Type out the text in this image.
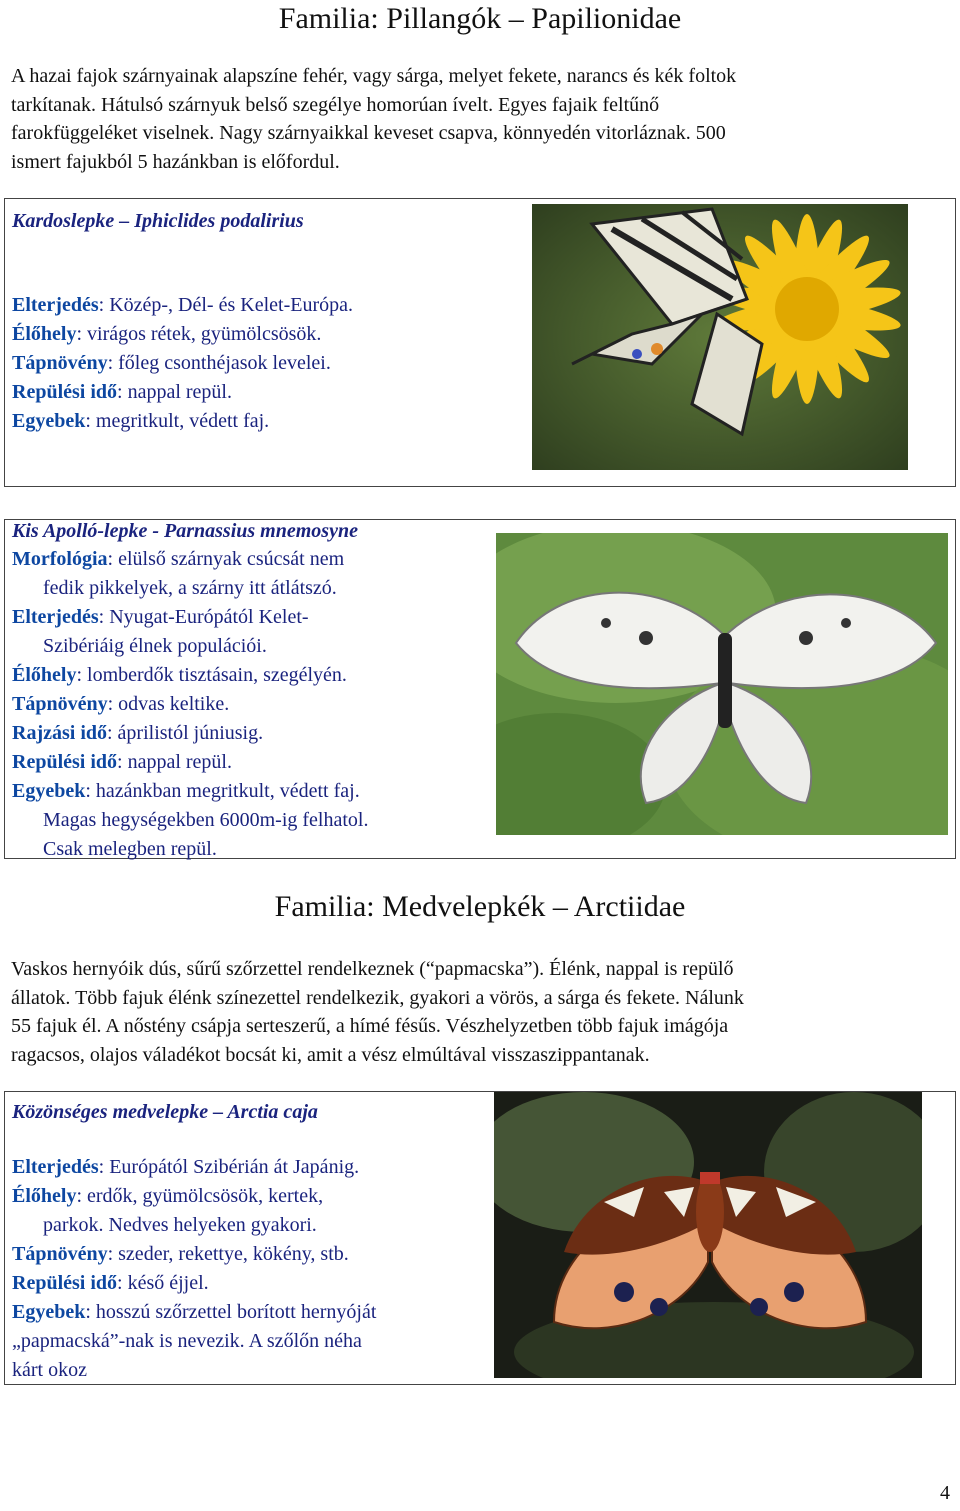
Familia: Pillangók – Papilionidae
A hazai fajok szárnyainak alapszíne fehér, vagy sárga, melyet fekete, narancs és kék foltok
tarkítanak. Hátulsó szárnyuk belső szegélye homorúan ívelt. Egyes fajaik feltűnő
farokfüggeléket viselnek. Nagy szárnyaikkal keveset csapva, könnyedén vitorláznak. 500
ismert fajukból 5 hazánkban is előfordul.
Kardoslepke – Iphiclides podalirius
Elterjedés: Közép-, Dél- és Kelet-Európa.
Élőhely: virágos rétek, gyümölcsösök.
Tápnövény: főleg csonthéjasok levelei.
Repülési idő: nappal repül.
Egyebek: megritkult, védett faj.
Kis Apolló-lepke - Parnassius mnemosyne
Morfológia: elülső szárnyak csúcsát nem
fedik pikkelyek, a szárny itt átlátszó.
Elterjedés: Nyugat-Európától Kelet-
Szibériáig élnek populációi.
Élőhely: lomberdők tisztásain, szegélyén.
Tápnövény: odvas keltike.
Rajzási idő: áprilistól júniusig.
Repülési idő: nappal repül.
Egyebek: hazánkban megritkult, védett faj.
Magas hegységekben 6000m-ig felhatol.
Csak melegben repül.
Familia: Medvelepkék – Arctiidae
Vaskos hernyóik dús, sűrű szőrzettel rendelkeznek (“papmacska”). Élénk, nappal is repülő
állatok. Több fajuk élénk színezettel rendelkezik, gyakori a vörös, a sárga és fekete. Nálunk
55 fajuk él. A nőstény csápja serteszerű, a hímé fésűs. Vészhelyzetben több fajuk imágója
ragacsos, olajos váladékot bocsát ki, amit a vész elmúltával visszaszippantanak.
Közönséges medvelepke – Arctia caja
Elterjedés: Európától Szibérián át Japánig.
Élőhely: erdők, gyümölcsösök, kertek,
parkok. Nedves helyeken gyakori.
Tápnövény: szeder, rekettye, kökény, stb.
Repülési idő: késő éjjel.
Egyebek: hosszú szőrzettel borított hernyóját
„papmacská”-nak is nevezik. A szőlőn néha
kárt okoz
4
